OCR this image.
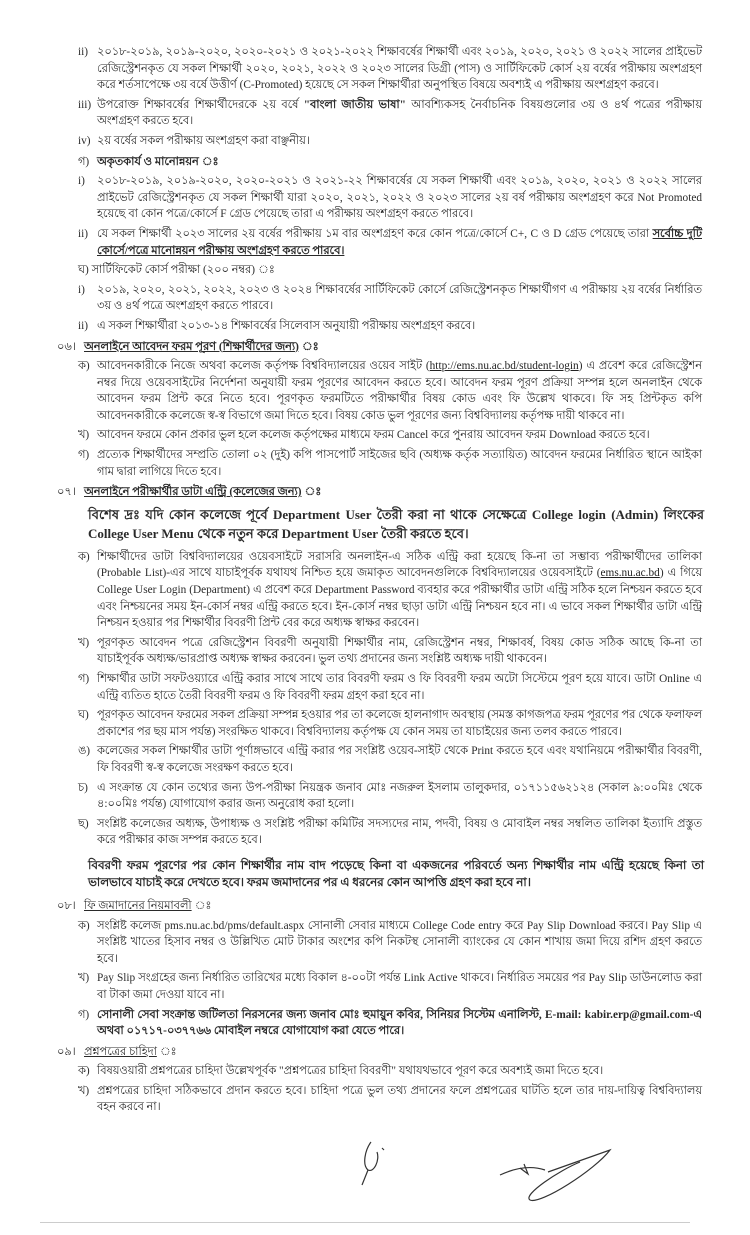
ii) ২০১৮-২০১৯, ২০১৯-২০২০, ২০২০-২০২১ ও ২০২১-২০২২ শিক্ষাবর্ষের শিক্ষার্থী এবং ২০১৯, ২০২০, ২০২১ ও ২০২২ সালের প্রাইভেট রেজিস্ট্রেশনকৃত যে সকল শিক্ষার্থী ২০২০, ২০২১, ২০২২ ও ২০২৩ সালের ডিগ্রী (পাস) ও সার্টিফিকেট কোর্স ২য় বর্ষের পরীক্ষায় অংশগ্রহণ করে শর্তসাপেক্ষে ৩য় বর্ষে উত্তীর্ণ (C-Promoted) হয়েছে সে সকল শিক্ষার্থীরা অনুপস্থিত বিষয়ে অবশ্যই এ পরীক্ষায় অংশগ্রহণ করবে।
iii) উপরোক্ত শিক্ষাবর্ষের শিক্ষার্থীদেরকে ২য় বর্ষে "বাংলা জাতীয় ভাষা" আবশ্যিকসহ নৈর্বাচনিক বিষয়গুলোর ৩য় ও ৪র্থ পত্রের পরীক্ষায় অংশগ্রহণ করতে হবে।
iv) ২য় বর্ষের সকল পরীক্ষায় অংশগ্রহণ করা বাঞ্ছনীয়।
গ) অকৃতকার্য ও মানোন্নয়ন ঃ
i) ২০১৮-২০১৯, ২০১৯-২০২০, ২০২০-২০২১ ও ২০২১-২২ শিক্ষাবর্ষের যে সকল শিক্ষার্থী এবং ২০১৯, ২০২০, ২০২১ ও ২০২২ সালের প্রাইভেট রেজিস্ট্রেশনকৃত যে সকল শিক্ষার্থী যারা ২০২০, ২০২১, ২০২২ ও ২০২৩ সালের ২য় বর্ষ পরীক্ষায় অংশগ্রহণ করে Not Promoted হয়েছে বা কোন পত্রে/কোর্সে F গ্রেড পেয়েছে তারা এ পরীক্ষায় অংশগ্রহণ করতে পারবে।
ii) যে সকল শিক্ষার্থী ২০২৩ সালের ২য় বর্ষের পরীক্ষায় ১ম বার অংশগ্রহণ করে কোন পত্রে/কোর্সে C+, C ও D গ্রেড পেয়েছে তারা সর্বোচ্চ দুটি কোর্সে/পত্রে মানোন্নয়ন পরীক্ষায় অংশগ্রহণ করতে পারবে।
ঘ) সার্টিফিকেট কোর্স পরীক্ষা (২০০ নম্বর) ঃ
i) ২০১৯, ২০২০, ২০২১, ২০২২, ২০২৩ ও ২০২৪ শিক্ষাবর্ষের সার্টিফিকেট কোর্সে রেজিস্ট্রেশনকৃত শিক্ষার্থীগণ এ পরীক্ষায় ২য় বর্ষের নির্ধারিত ৩য় ও ৪র্থ পত্রে অংশগ্রহণ করতে পারবে।
ii) এ সকল শিক্ষার্থীরা ২০১৩-১৪ শিক্ষাবর্ষের সিলেবাস অনুযায়ী পরীক্ষায় অংশগ্রহণ করবে।
০৬। অনলাইনে আবেদন ফরম পূরণ (শিক্ষার্থীদের জন্য) ঃ
ক) আবেদনকারীকে নিজে অথবা কলেজ কর্তৃপক্ষ বিশ্ববিদ্যালয়ের ওয়েব সাইট (http://ems.nu.ac.bd/student-login) এ প্রবেশ করে রেজিস্ট্রেশন নম্বর দিয়ে ওয়েবসাইটের নির্দেশনা অনুযায়ী ফরম পূরণের আবেদন করতে হবে। আবেদন ফরম পূরণ প্রক্রিয়া সম্পন্ন হলে অনলাইন থেকে আবেদন ফরম প্রিন্ট করে নিতে হবে। পূরণকৃত ফরমটিতে পরীক্ষার্থীর বিষয় কোড এবং ফি উল্লেখ থাকবে। ফি সহ প্রিন্টকৃত কপি আবেদনকারীকে কলেজে স্ব-স্ব বিভাগে জমা দিতে হবে। বিষয় কোড ভুল পূরণের জন্য বিশ্ববিদ্যালয় কর্তৃপক্ষ দায়ী থাকবে না।
খ) আবেদন ফরমে কোন প্রকার ভুল হলে কলেজ কর্তৃপক্ষের মাধ্যমে ফরম Cancel করে পুনরায় আবেদন ফরম Download করতে হবে।
গ) প্রত্যেক শিক্ষার্থীদের সম্প্রতি তোলা ০২ (দুই) কপি পাসপোর্ট সাইজের ছবি (অধ্যক্ষ কর্তৃক সত্যায়িত) আবেদন ফরমের নির্ধারিত স্থানে আইকা গাম দ্বারা লাগিয়ে দিতে হবে।
০৭। অনলাইনে পরীক্ষার্থীর ডাটা এন্ট্রি (কলেজের জন্য) ঃ
বিশেষ দ্রঃ যদি কোন কলেজে পূর্বে Department User তৈরী করা না থাকে সেক্ষেত্রে College login (Admin) লিংকের College User Menu থেকে নতুন করে Department User তৈরী করতে হবে।
ক) শিক্ষার্থীদের ডাটা বিশ্ববিদ্যালয়ের ওয়েবসাইটে সরাসরি অনলাইন-এ সঠিক এন্ট্রি করা হয়েছে কি-না তা সম্ভাব্য পরীক্ষার্থীদের তালিকা (Probable List)-এর সাথে যাচাইপূর্বক যথাযথ নিশ্চিত হয়ে জমাকৃত আবেদনগুলিকে বিশ্ববিদ্যালয়ের ওয়েবসাইটে (ems.nu.ac.bd) এ গিয়ে College User Login (Department) এ প্রবেশ করে Department Password ব্যবহার করে পরীক্ষার্থীর ডাটা এন্ট্রি সঠিক হলে নিশ্চয়ন করতে হবে এবং নিশ্চয়নের সময় ইন-কোর্স নম্বর এন্ট্রি করতে হবে। ইন-কোর্স নম্বর ছাড়া ডাটা এন্ট্রি নিশ্চয়ন হবে না। এ ভাবে সকল শিক্ষার্থীর ডাটা এন্ট্রি নিশ্চয়ন হওয়ার পর শিক্ষার্থীর বিবরণী প্রিন্ট বের করে অধ্যক্ষ স্বাক্ষর করবেন।
খ) পূরণকৃত আবেদন পত্রে রেজিস্ট্রেশন বিবরণী অনুযায়ী শিক্ষার্থীর নাম, রেজিস্ট্রেশন নম্বর, শিক্ষাবর্ষ, বিষয় কোড সঠিক আছে কি-না তা যাচাইপূর্বক অধ্যক্ষ/ভারপ্রাপ্ত অধ্যক্ষ স্বাক্ষর করবেন। ভুল তথ্য প্রদানের জন্য সংশ্লিষ্ট অধ্যক্ষ দায়ী থাকবেন।
গ) শিক্ষার্থীর ডাটা সফটওয়্যারে এন্ট্রি করার সাথে সাথে তার বিবরণী ফরম ও ফি বিবরণী ফরম অটো সিস্টেমে পূরণ হয়ে যাবে। ডাটা Online এ এন্ট্রি ব্যতিত হাতে তৈরী বিবরণী ফরম ও ফি বিবরণী ফরম গ্রহণ করা হবে না।
ঘ) পূরণকৃত আবেদন ফরমের সকল প্রক্রিয়া সম্পন্ন হওয়ার পর তা কলেজে হালনাগাদ অবস্থায় (সমস্ত কাগজপত্র ফরম পূরণের পর থেকে ফলাফল প্রকাশের পর ছয় মাস পর্যন্ত) সংরক্ষিত থাকবে। বিশ্ববিদ্যালয় কর্তৃপক্ষ যে কোন সময় তা যাচাইয়ের জন্য তলব করতে পারবে।
ঙ) কলেজের সকল শিক্ষার্থীর ডাটা পূর্ণাঙ্গভাবে এন্ট্রি করার পর সংশ্লিষ্ট ওয়েব-সাইট থেকে Print করতে হবে এবং যথানিয়মে পরীক্ষার্থীর বিবরণী, ফি বিবরণী স্ব-স্ব কলেজে সংরক্ষণ করতে হবে।
চ) এ সংক্রান্ত যে কোন তথ্যের জন্য উপ-পরীক্ষা নিয়ন্ত্রক জনাব মোঃ নজরুল ইসলাম তালুকদার, ০১৭১১৫৬২১২৪ (সকাল ৯:০০মিঃ থেকে ৪:০০মিঃ পর্যন্ত) যোগাযোগ করার জন্য অনুরোধ করা হলো।
ছ) সংশ্লিষ্ট কলেজের অধ্যক্ষ, উপাধ্যক্ষ ও সংশ্লিষ্ট পরীক্ষা কমিটির সদস্যদের নাম, পদবী, বিষয় ও মোবাইল নম্বর সম্বলিত তালিকা ইত্যাদি প্রস্তুত করে পরীক্ষার কাজ সম্পন্ন করতে হবে।
বিবরণী ফরম পূরণের পর কোন শিক্ষার্থীর নাম বাদ পড়েছে কিনা বা একজনের পরিবর্তে অন্য শিক্ষার্থীর নাম এন্ট্রি হয়েছে কিনা তা ভালভাবে যাচাই করে দেখতে হবে। ফরম জমাদানের পর এ ধরনের কোন আপত্তি গ্রহণ করা হবে না।
০৮। ফি জমাদানের নিয়মাবলী ঃ
ক) সংশ্লিষ্ট কলেজ pms.nu.ac.bd/pms/default.aspx সোনালী সেবার মাধ্যমে College Code entry করে Pay Slip Download করবে। Pay Slip এ সংশ্লিষ্ট খাতের হিসাব নম্বর ও উল্লিখিত মোট টাকার অংশের কপি নিকটস্থ সোনালী ব্যাংকের যে কোন শাখায় জমা দিয়ে রশিদ গ্রহণ করতে হবে।
খ) Pay Slip সংগ্রহের জন্য নির্ধারিত তারিখের মধ্যে বিকাল ৪-০০টা পর্যন্ত Link Active থাকবে। নির্ধারিত সময়ের পর Pay Slip ডাউনলোড করা বা টাকা জমা দেওয়া যাবে না।
গ) সোনালী সেবা সংক্রান্ত জটিলতা নিরসনের জন্য জনাব মোঃ হুমায়ুন কবির, সিনিয়র সিস্টেম এনালিস্ট, E-mail: kabir.erp@gmail.com-এ অথবা ০১৭১৭-০৩৭৭৬৬ মোবাইল নম্বরে যোগাযোগ করা যেতে পারে।
০৯। প্রশ্নপত্রের চাহিদা ঃ
ক) বিষয়ওয়ারী প্রশ্নপত্রের চাহিদা উল্লেখপূর্বক "প্রশ্নপত্রের চাহিদা বিবরণী" যথাযথভাবে পূরণ করে অবশ্যই জমা দিতে হবে।
খ) প্রশ্নপত্রের চাহিদা সঠিকভাবে প্রদান করতে হবে। চাহিদা পত্রে ভুল তথ্য প্রদানের ফলে প্রশ্নপত্রের ঘাটতি হলে তার দায়-দায়িত্ব বিশ্ববিদ্যালয় বহন করবে না।
